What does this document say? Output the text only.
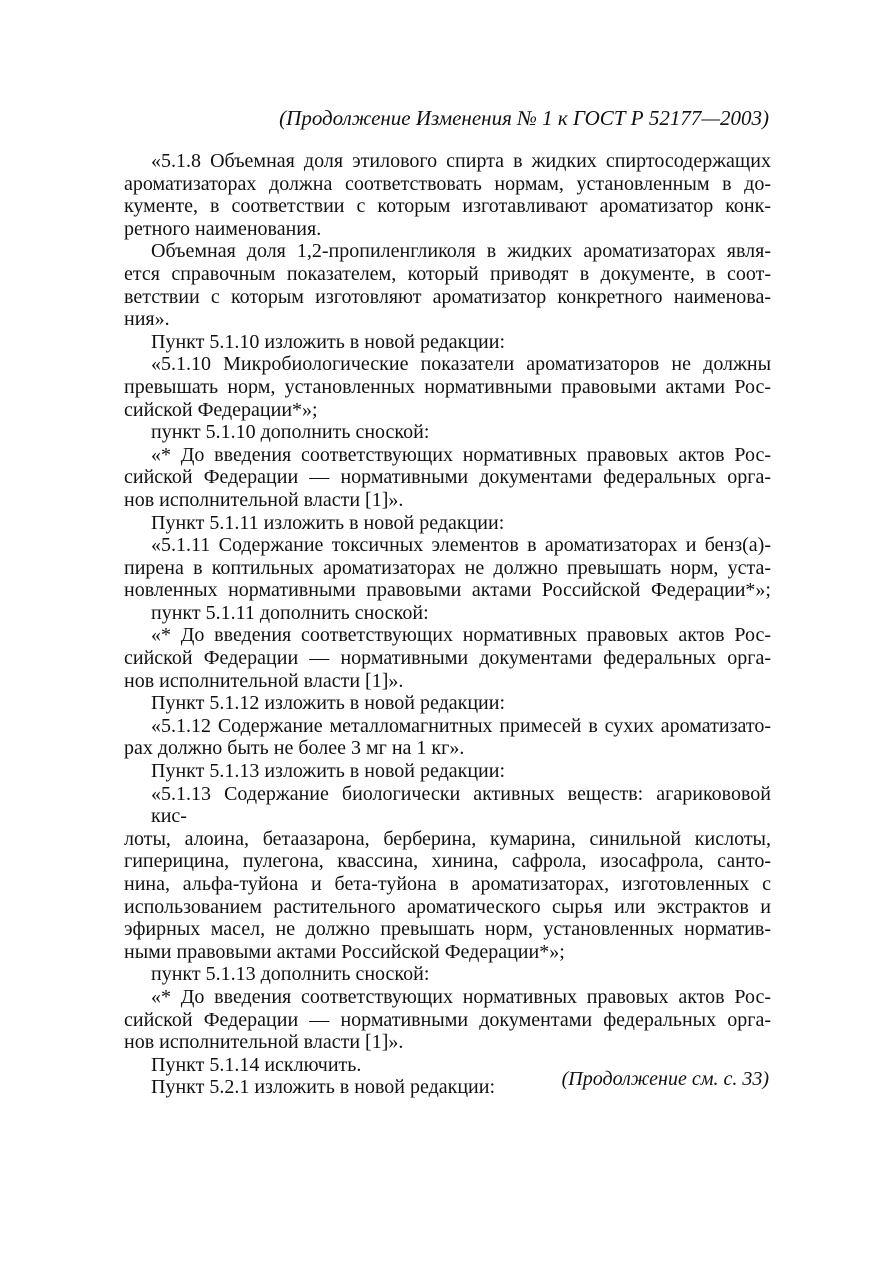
(Продолжение Изменения № 1 к ГОСТ Р 52177—2003)
«5.1.8 Объемная доля этилового спирта в жидких спиртосодержащих
ароматизаторах должна соответствовать нормам, установленным в до-
кументе, в соответствии с которым изготавливают ароматизатор конк-
ретного наименования.
Объемная доля 1,2-пропиленгликоля в жидких ароматизаторах явля-
ется справочным показателем, который приводят в документе, в соот-
ветствии с которым изготовляют ароматизатор конкретного наименова-
ния».
Пункт 5.1.10 изложить в новой редакции:
«5.1.10 Микробиологические показатели ароматизаторов не должны
превышать норм, установленных нормативными правовыми актами Рос-
сийской Федерации*»;
пункт 5.1.10 дополнить сноской:
«* До введения соответствующих нормативных правовых актов Рос-
сийской Федерации — нормативными документами федеральных орга-
нов исполнительной власти [1]».
Пункт 5.1.11 изложить в новой редакции:
«5.1.11 Содержание токсичных элементов в ароматизаторах и бенз(а)-
пирена в коптильных ароматизаторах не должно превышать норм, уста-
новленных нормативными правовыми актами Российской Федерации*»;
пункт 5.1.11 дополнить сноской:
«* До введения соответствующих нормативных правовых актов Рос-
сийской Федерации — нормативными документами федеральных орга-
нов исполнительной власти [1]».
Пункт 5.1.12 изложить в новой редакции:
«5.1.12 Содержание металломагнитных примесей в сухих ароматизато-
рах должно быть не более 3 мг на 1 кг».
Пункт 5.1.13 изложить в новой редакции:
«5.1.13 Содержание биологически активных веществ: агарикововой кис-
лоты, алоина, бетаазарона, берберина, кумарина, синильной кислоты,
гиперицина, пулегона, квассина, хинина, сафрола, изосафрола, санто-
нина, альфа-туйона и бета-туйона в ароматизаторах, изготовленных с
использованием растительного ароматического сырья или экстрактов и
эфирных масел, не должно превышать норм, установленных норматив-
ными правовыми актами Российской Федерации*»;
пункт 5.1.13 дополнить сноской:
«* До введения соответствующих нормативных правовых актов Рос-
сийской Федерации — нормативными документами федеральных орга-
нов исполнительной власти [1]».
Пункт 5.1.14 исключить.
Пункт 5.2.1 изложить в новой редакции:	(Продолжение см. с. 33)
